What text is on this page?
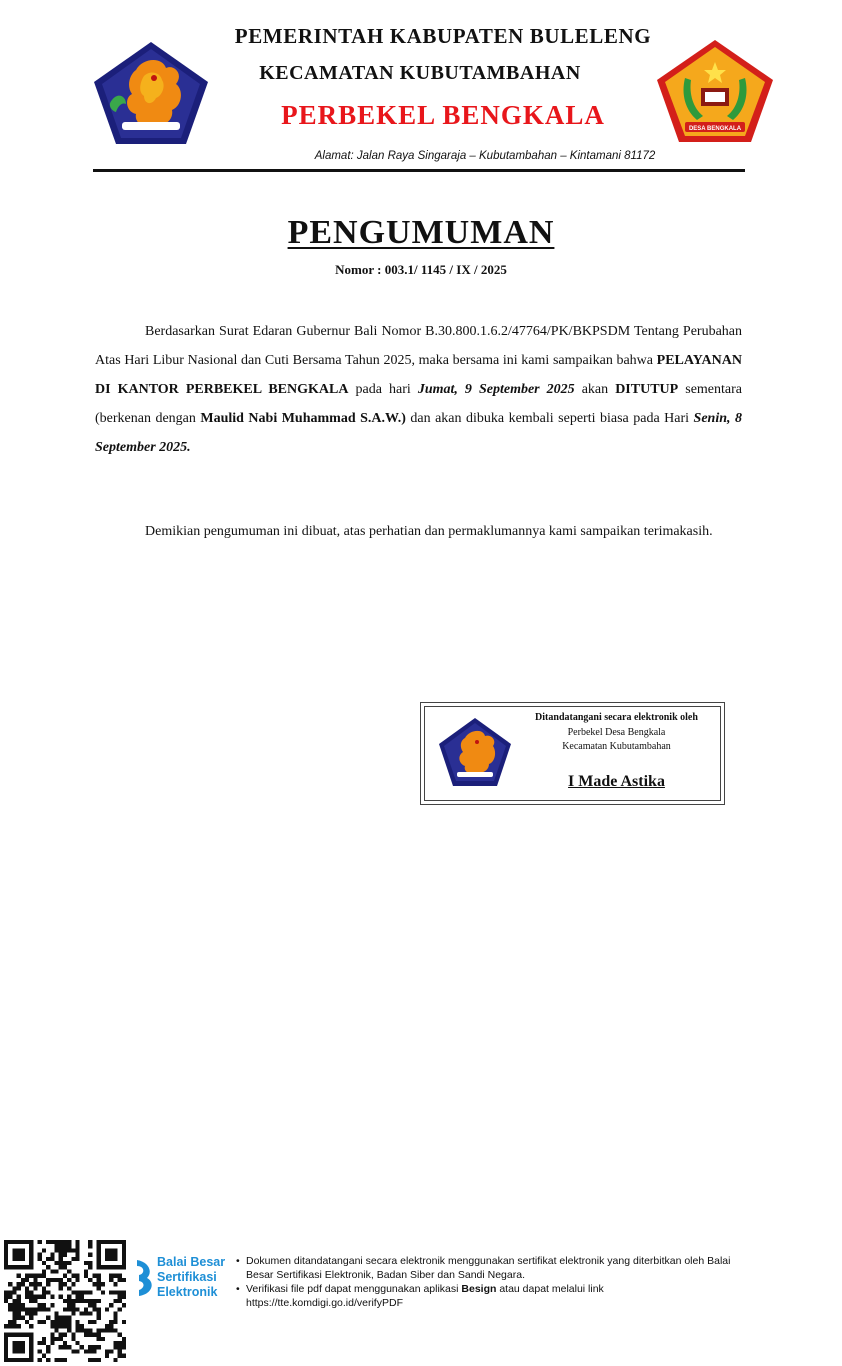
PEMERINTAH KABUPATEN BULELENG
KECAMATAN KUBUTAMBAHAN
PERBEKEL BENGKALA	DESA BENGKALA
Alamat: Jalan Raya Singaraja – Kubutambahan – Kintamani 81172
PENGUMUMAN
Nomor : 003.1/ 1145 / IX / 2025
Berdasarkan Surat Edaran Gubernur Bali Nomor B.30.800.1.6.2/47764/PK/BKPSDM Tentang Perubahan Atas Hari Libur Nasional dan Cuti Bersama Tahun 2025, maka bersama ini kami sampaikan bahwa PELAYANAN DI KANTOR PERBEKEL BENGKALA pada hari Jumat, 9 September 2025 akan DITUTUP sementara (berkenan dengan Maulid Nabi Muhammad S.A.W.) dan akan dibuka kembali seperti biasa pada Hari Senin, 8 September 2025.
Demikian pengumuman ini dibuat, atas perhatian dan permaklumannya kami sampaikan terimakasih.
Ditandatangani secara elektronik oleh
Perbekel Desa Bengkala
Kecamatan Kubutambahan
I Made Astika
Balai Besar
Sertifikasi
Elektronik
• Dokumen ditandatangani secara elektronik menggunakan sertifikat elektronik yang diterbitkan oleh Balai Besar Sertifikasi Elektronik, Badan Siber dan Sandi Negara.
• Verifikasi file pdf dapat menggunakan aplikasi Besign atau dapat melalui link https://tte.komdigi.go.id/verifyPDF
